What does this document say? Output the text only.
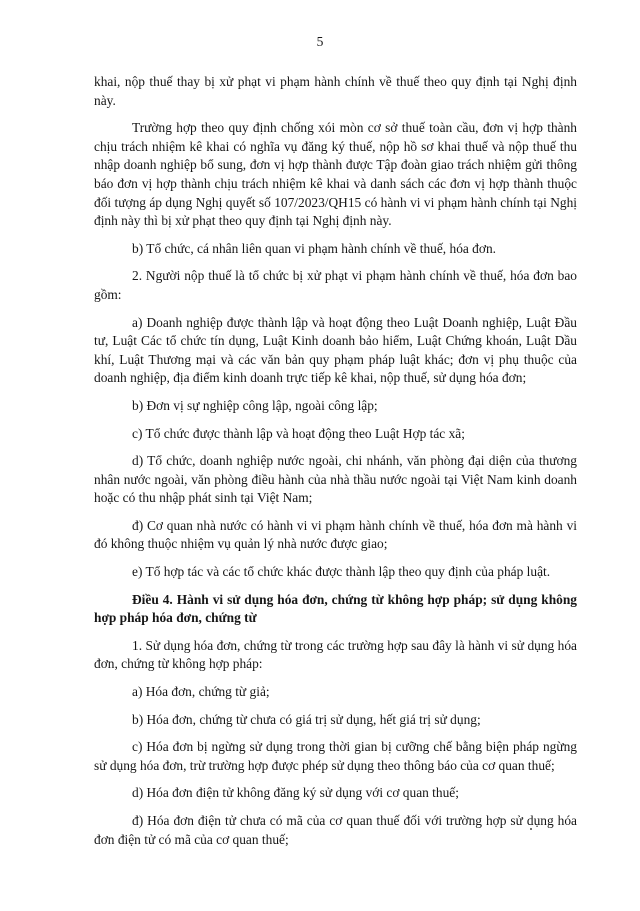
5

khai, nộp thuế thay bị xử phạt vi phạm hành chính về thuế theo quy định tại Nghị định này.

Trường hợp theo quy định chống xói mòn cơ sở thuế toàn cầu, đơn vị hợp thành chịu trách nhiệm kê khai có nghĩa vụ đăng ký thuế, nộp hồ sơ khai thuế và nộp thuế thu nhập doanh nghiệp bổ sung, đơn vị hợp thành được Tập đoàn giao trách nhiệm gửi thông báo đơn vị hợp thành chịu trách nhiệm kê khai và danh sách các đơn vị hợp thành thuộc đối tượng áp dụng Nghị quyết số 107/2023/QH15 có hành vi vi phạm hành chính tại Nghị định này thì bị xử phạt theo quy định tại Nghị định này.

b) Tổ chức, cá nhân liên quan vi phạm hành chính về thuế, hóa đơn.

2. Người nộp thuế là tổ chức bị xử phạt vi phạm hành chính về thuế, hóa đơn bao gồm:

a) Doanh nghiệp được thành lập và hoạt động theo Luật Doanh nghiệp, Luật Đầu tư, Luật Các tổ chức tín dụng, Luật Kinh doanh bảo hiểm, Luật Chứng khoán, Luật Dầu khí, Luật Thương mại và các văn bản quy phạm pháp luật khác; đơn vị phụ thuộc của doanh nghiệp, địa điểm kinh doanh trực tiếp kê khai, nộp thuế, sử dụng hóa đơn;

b) Đơn vị sự nghiệp công lập, ngoài công lập;

c) Tổ chức được thành lập và hoạt động theo Luật Hợp tác xã;

d) Tổ chức, doanh nghiệp nước ngoài, chi nhánh, văn phòng đại diện của thương nhân nước ngoài, văn phòng điều hành của nhà thầu nước ngoài tại Việt Nam kinh doanh hoặc có thu nhập phát sinh tại Việt Nam;

đ) Cơ quan nhà nước có hành vi vi phạm hành chính về thuế, hóa đơn mà hành vi đó không thuộc nhiệm vụ quản lý nhà nước được giao;

e) Tổ hợp tác và các tổ chức khác được thành lập theo quy định của pháp luật.

Điều 4. Hành vi sử dụng hóa đơn, chứng từ không hợp pháp; sử dụng không hợp pháp hóa đơn, chứng từ

1. Sử dụng hóa đơn, chứng từ trong các trường hợp sau đây là hành vi sử dụng hóa đơn, chứng từ không hợp pháp:

a) Hóa đơn, chứng từ giả;

b) Hóa đơn, chứng từ chưa có giá trị sử dụng, hết giá trị sử dụng;

c) Hóa đơn bị ngừng sử dụng trong thời gian bị cưỡng chế bằng biện pháp ngừng sử dụng hóa đơn, trừ trường hợp được phép sử dụng theo thông báo của cơ quan thuế;

d) Hóa đơn điện tử không đăng ký sử dụng với cơ quan thuế;

đ) Hóa đơn điện tử chưa có mã của cơ quan thuế đối với trường hợp sử dụng hóa đơn điện tử có mã của cơ quan thuế;
